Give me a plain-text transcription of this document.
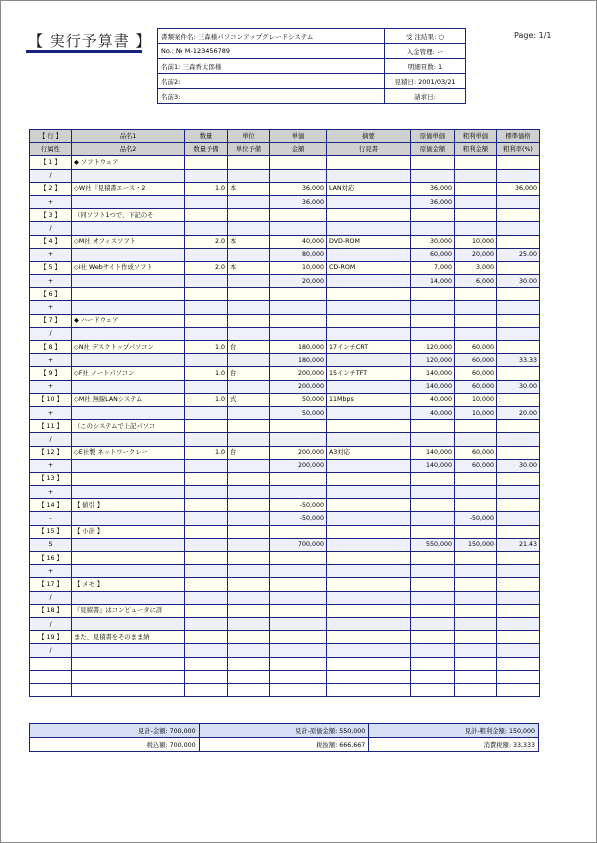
【 実行予算書 】	Page: 1/1
書類案件名: 三森様パソコンアップグレードシステム	受 注結果: ○
No.: № M-123456789	入金管理: ー
名前1: 三森香太郎様	明細頁数: 1
名前2:	見積日: 2001/03/21
名前3:	請求日:
【 行 】	品名1	数量	単位	単価	摘要	原価単価	粗利単価	標準価格
行属性	品名2	数量予備	単位予備	金額	行見書	原価金額	粗利金額	粗利率(%)
【 1 】	◆ ソフトウェア							
/								
【 2 】	◇W社『見積書エース・2	1.0	本	36,000	LAN対応	36,000		36,000
+				36,000		36,000		
【 3 】	（同ソフト1つで、下記のそ							
/								
【 4 】	◇M社 オフィスソフト	2.0	本	40,000	DVD-ROM	30,000	10,000	
+				80,000		60,000	20,000	25.00
【 5 】	◇I社 Webサイト作成ソフト	2.0	本	10,000	CD-ROM	7,000	3,000	
+				20,000		14,000	6,000	30.00
【 6 】								
+								
【 7 】	◆ ハードウェア							
/								
【 8 】	◇N社 デスクトップパソコン	1.0	台	180,000	17インチCRT	120,000	60,000	
+				180,000		120,000	60,000	33.33
【 9 】	◇F社 ノートパソコン	1.0	台	200,000	15インチTFT	140,000	60,000	
+				200,000		140,000	60,000	30.00
【 10 】	◇M社 無線LANシステム	1.0	式	50,000	11Mbps	40,000	10,000	
+				50,000		40,000	10,000	20.00
【 11 】	（このシステムで上記パソコ							
/								
【 12 】	◇E社製 ネットワークレー	1.0	台	200,000	A3対応	140,000	60,000	
+				200,000		140,000	60,000	30.00
【 13 】								
+								
【 14 】	【 値引 】			-50,000				
-				-50,000			-50,000	
【 15 】	【 小計 】							
S				700,000		550,000	150,000	21.43
【 16 】								
+								
【 17 】	【 メモ 】							
/								
【 18 】	『見積書』はコンピュータに詳							
/								
【 19 】	また、見積書をそのまま納							
/								

見計-金額: 700,000	見計-原価金額: 550,000	見計-粗利金額: 150,000
税込額: 700,000	税抜額: 666,667	消費税額: 33,333
